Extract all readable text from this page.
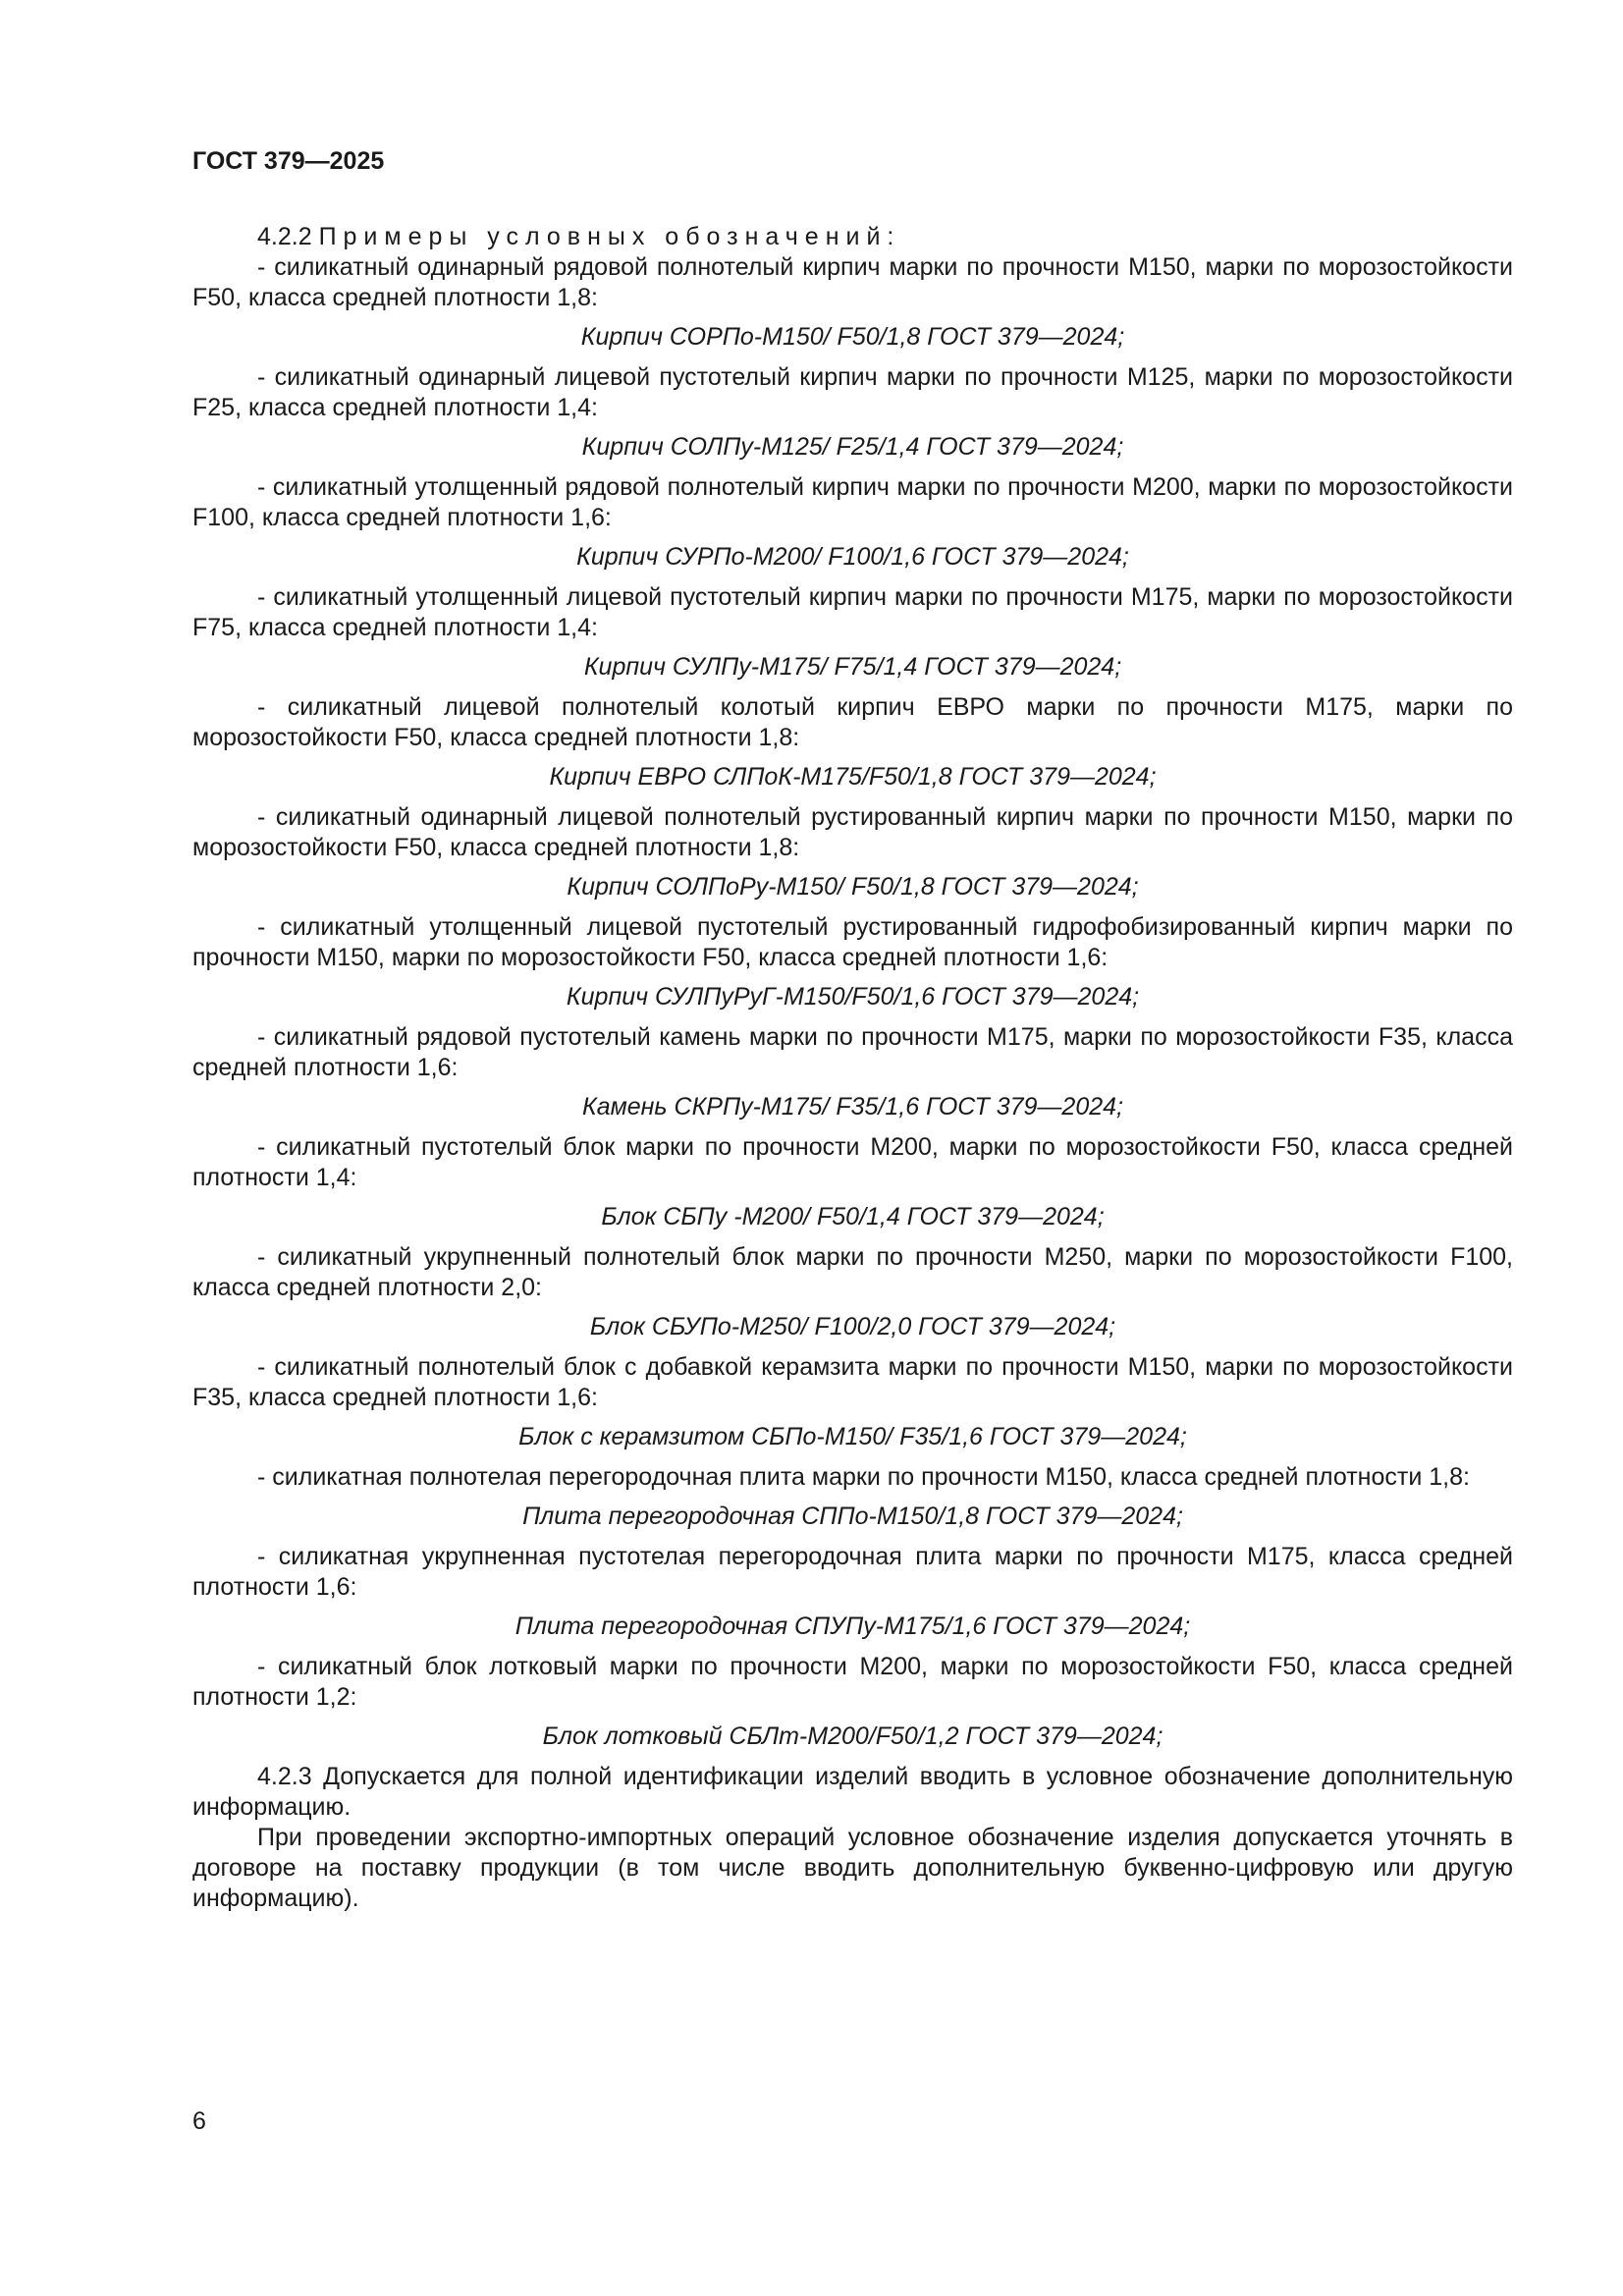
ГОСТ 379—2025

4.2.2 Примеры условных обозначений:

- силикатный одинарный рядовой полнотелый кирпич марки по прочности М150, марки по морозостойкости F50, класса средней плотности 1,8:

Кирпич СОРПо-М150/ F50/1,8 ГОСТ 379—2024;

- силикатный одинарный лицевой пустотелый кирпич марки по прочности М125, марки по морозостойкости F25, класса средней плотности 1,4:

Кирпич СОЛПу-М125/ F25/1,4 ГОСТ 379—2024;

- силикатный утолщенный рядовой полнотелый кирпич марки по прочности М200, марки по морозостойкости F100, класса средней плотности 1,6:

Кирпич СУРПо-М200/ F100/1,6 ГОСТ 379—2024;

- силикатный утолщенный лицевой пустотелый кирпич марки по прочности М175, марки по морозостойкости F75, класса средней плотности 1,4:

Кирпич СУЛПу-М175/ F75/1,4 ГОСТ 379—2024;

- силикатный лицевой полнотелый колотый кирпич ЕВРО марки по прочности М175, марки по морозостойкости F50, класса средней плотности 1,8:

Кирпич ЕВРО СЛПоК-М175/F50/1,8 ГОСТ 379—2024;

- силикатный одинарный лицевой полнотелый рустированный кирпич марки по прочности М150, марки по морозостойкости F50, класса средней плотности 1,8:

Кирпич СОЛПоРу-М150/ F50/1,8 ГОСТ 379—2024;

- силикатный утолщенный лицевой пустотелый рустированный гидрофобизированный кирпич марки по прочности М150, марки по морозостойкости F50, класса средней плотности 1,6:

Кирпич СУЛПуРуГ-М150/F50/1,6 ГОСТ 379—2024;

- силикатный рядовой пустотелый камень марки по прочности М175, марки по морозостойкости F35, класса средней плотности 1,6:

Камень СКРПу-М175/ F35/1,6 ГОСТ 379—2024;

- силикатный пустотелый блок марки по прочности М200, марки по морозостойкости F50, класса средней плотности 1,4:

Блок СБПу -М200/ F50/1,4 ГОСТ 379—2024;

- силикатный укрупненный полнотелый блок марки по прочности М250, марки по морозостойкости F100, класса средней плотности 2,0:

Блок СБУПо-М250/ F100/2,0 ГОСТ 379—2024;

- силикатный полнотелый блок с добавкой керамзита марки по прочности М150, марки по морозостойкости F35, класса средней плотности 1,6:

Блок с керамзитом СБПо-М150/ F35/1,6 ГОСТ 379—2024;

- силикатная полнотелая перегородочная плита марки по прочности М150, класса средней плотности 1,8:

Плита перегородочная СППо-М150/1,8 ГОСТ 379—2024;

- силикатная укрупненная пустотелая перегородочная плита марки по прочности М175, класса средней плотности 1,6:

Плита перегородочная СПУПу-М175/1,6 ГОСТ 379—2024;

- силикатный блок лотковый марки по прочности М200, марки по морозостойкости F50, класса средней плотности 1,2:

Блок лотковый СБЛт-М200/F50/1,2 ГОСТ 379—2024;

4.2.3 Допускается для полной идентификации изделий вводить в условное обозначение дополнительную информацию.

При проведении экспортно-импортных операций условное обозначение изделия допускается уточнять в договоре на поставку продукции (в том числе вводить дополнительную буквенно-цифровую или другую информацию).

6
